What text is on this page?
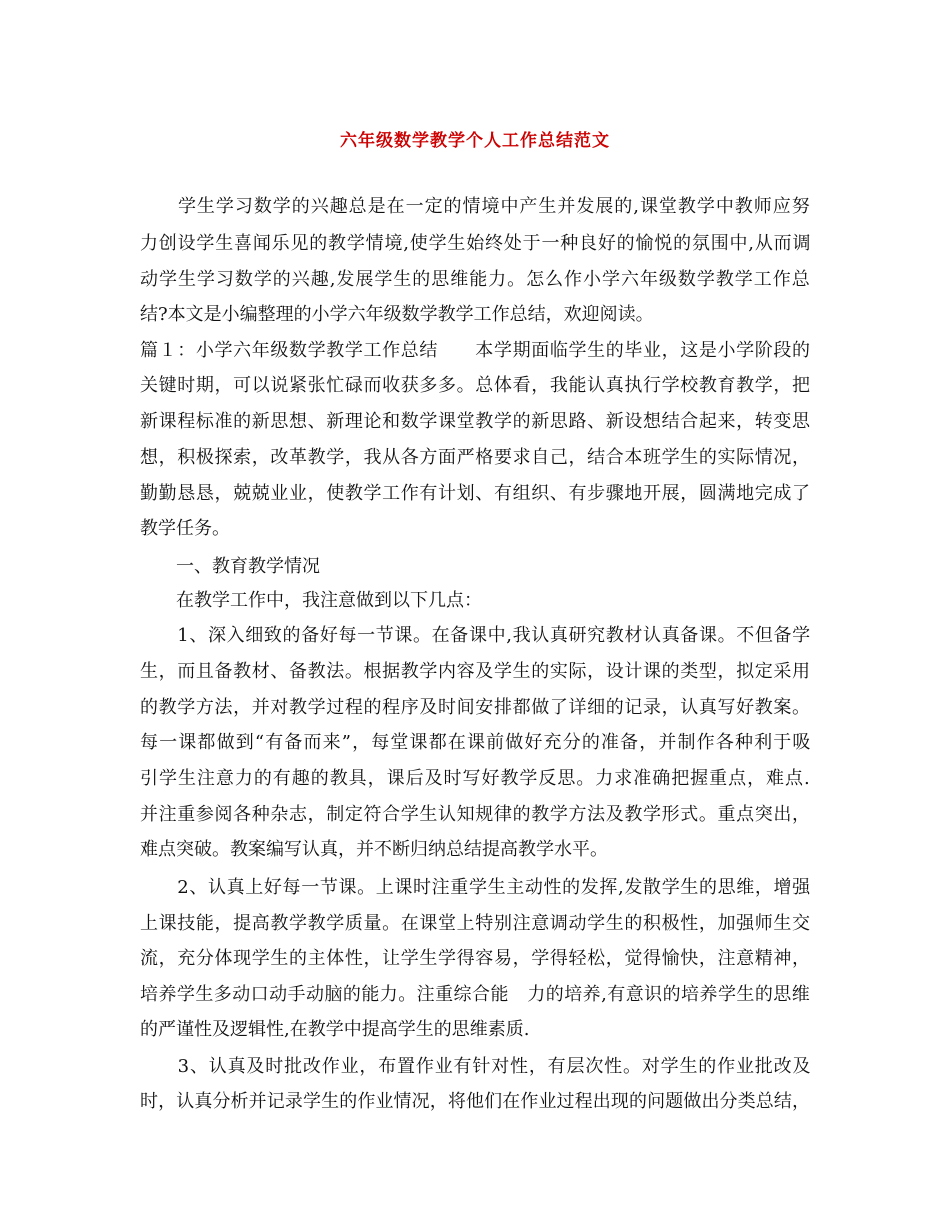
六年级数学教学个人工作总结范文
　　学生学习数学的兴趣总是在一定的情境中产生并发展的,课堂教学中教师应努
力创设学生喜闻乐见的教学情境,使学生始终处于一种良好的愉悦的氛围中,从而调
动学生学习数学的兴趣,发展学生的思维能力。怎么作小学六年级数学教学工作总
结?本文是小编整理的小学六年级数学教学工作总结，欢迎阅读。
篇１：小学六年级数学教学工作总结　　本学期面临学生的毕业，这是小学阶段的
关键时期，可以说紧张忙碌而收获多多。总体看，我能认真执行学校教育教学，把
新课程标准的新思想、新理论和数学课堂教学的新思路、新设想结合起来，转变思
想，积极探索，改革教学，我从各方面严格要求自己，结合本班学生的实际情况，
勤勤恳恳，兢兢业业，使教学工作有计划、有组织、有步骤地开展，圆满地完成了
教学任务。
　　一、教育教学情况
　　在教学工作中，我注意做到以下几点：
　　1、深入细致的备好每一节课。在备课中,我认真研究教材认真备课。不但备学
生，而且备教材、备教法。根据教学内容及学生的实际，设计课的类型，拟定采用
的教学方法，并对教学过程的程序及时间安排都做了详细的记录，认真写好教案。
每一课都做到“有备而来”，每堂课都在课前做好充分的准备，并制作各种利于吸
引学生注意力的有趣的教具，课后及时写好教学反思。力求准确把握重点，难点.
并注重参阅各种杂志，制定符合学生认知规律的教学方法及教学形式。重点突出，
难点突破。教案编写认真，并不断归纳总结提高教学水平。
　　2、认真上好每一节课。上课时注重学生主动性的发挥,发散学生的思维，增强
上课技能，提高教学教学质量。在课堂上特别注意调动学生的积极性，加强师生交
流，充分体现学生的主体性，让学生学得容易，学得轻松，觉得愉快，注意精神，
培养学生多动口动手动脑的能力。注重综合能　力的培养,有意识的培养学生的思维
的严谨性及逻辑性,在教学中提高学生的思维素质.
　　3、认真及时批改作业，布置作业有针对性，有层次性。对学生的作业批改及
时，认真分析并记录学生的作业情况，将他们在作业过程出现的问题做出分类总结，
